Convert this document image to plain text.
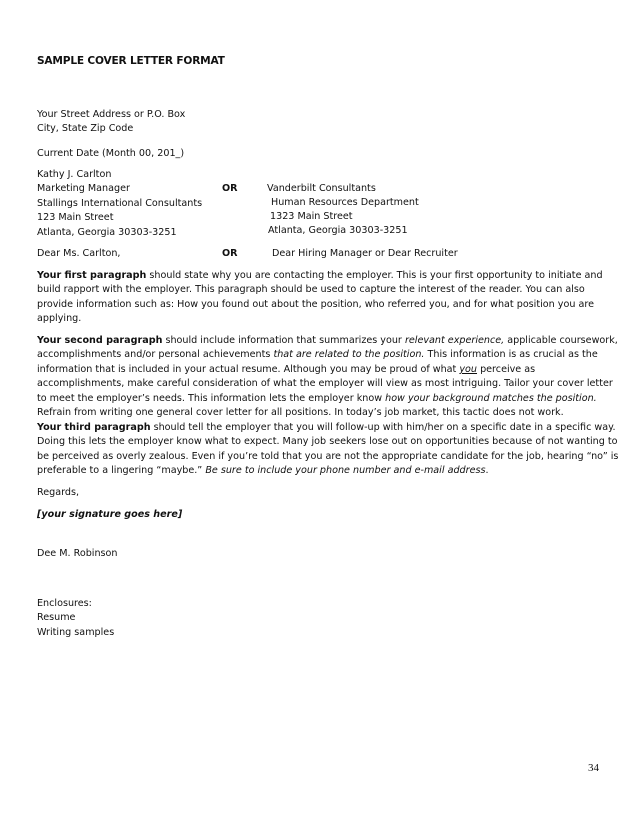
SAMPLE COVER LETTER FORMAT
Your Street Address or P.O. Box
City, State Zip Code
Current Date (Month 00, 201_)
Kathy J. Carlton
Marketing Manager
Stallings International Consultants
123 Main Street
Atlanta, Georgia 30303-3251
OR	Vanderbilt Consultants
Human Resources Department
1323 Main Street
Atlanta, Georgia 30303-3251
Dear Ms. Carlton,	OR	Dear Hiring Manager or Dear Recruiter
Your first paragraph should state why you are contacting the employer. This is your first opportunity to initiate and
build rapport with the employer. This paragraph should be used to capture the interest of the reader. You can also
provide information such as: How you found out about the position, who referred you, and for what position you are
applying.
Your second paragraph should include information that summarizes your relevant experience, applicable coursework,
accomplishments and/or personal achievements that are related to the position. This information is as crucial as the
information that is included in your actual resume. Although you may be proud of what you perceive as
accomplishments, make careful consideration of what the employer will view as most intriguing. Tailor your cover letter
to meet the employer’s needs. This information lets the employer know how your background matches the position.
Refrain from writing one general cover letter for all positions. In today’s job market, this tactic does not work.
Your third paragraph should tell the employer that you will follow-up with him/her on a specific date in a specific way.
Doing this lets the employer know what to expect. Many job seekers lose out on opportunities because of not wanting to
be perceived as overly zealous. Even if you’re told that you are not the appropriate candidate for the job, hearing “no” is
preferable to a lingering “maybe.” Be sure to include your phone number and e-mail address.
Regards,
[your signature goes here]
Dee M. Robinson
Enclosures:
Resume
Writing samples
34
